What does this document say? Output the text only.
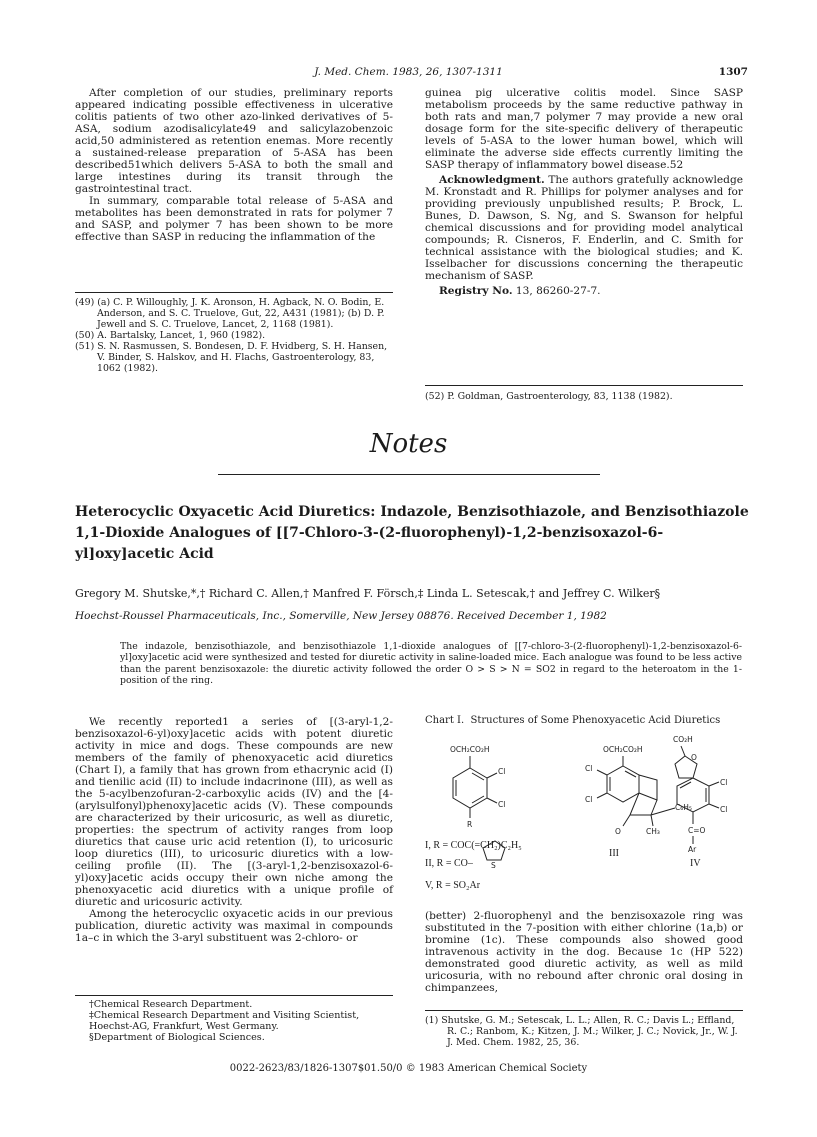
J. Med. Chem. 1983, 26, 1307-1311	1307

After completion of our studies, preliminary reports appeared indicating possible effectiveness in ulcerative colitis patients of two other azo-linked derivatives of 5-ASA, sodium azodisalicylate49 and salicylazobenzoic acid,50 administered as retention enemas. More recently a sustained-release preparation of 5-ASA has been described51which delivers 5-ASA to both the small and large intestines during its transit through the gastrointestinal tract.

In summary, comparable total release of 5-ASA and metabolites has been demonstrated in rats for polymer 7 and SASP, and polymer 7 has been shown to be more effective than SASP in reducing the inflammation of the

(49) (a) C. P. Willoughly, J. K. Aronson, H. Agback, N. O. Bodin, E. Anderson, and S. C. Truelove, Gut, 22, A431 (1981); (b) D. P. Jewell and S. C. Truelove, Lancet, 2, 1168 (1981).

(50) A. Bartalsky, Lancet, 1, 960 (1982).

(51) S. N. Rasmussen, S. Bondesen, D. F. Hvidberg, S. H. Hansen, V. Binder, S. Halskov, and H. Flachs, Gastroenterology, 83, 1062 (1982).

guinea pig ulcerative colitis model. Since SASP metabolism proceeds by the same reductive pathway in both rats and man,7 polymer 7 may provide a new oral dosage form for the site-specific delivery of therapeutic levels of 5-ASA to the lower human bowel, which will eliminate the adverse side effects currently limiting the SASP therapy of inflammatory bowel disease.52

Acknowledgment. The authors gratefully acknowledge M. Kronstadt and R. Phillips for polymer analyses and for providing previously unpublished results; P. Brock, L. Bunes, D. Dawson, S. Ng, and S. Swanson for helpful chemical discussions and for providing model analytical compounds; R. Cisneros, F. Enderlin, and C. Smith for technical assistance with the biological studies; and K. Isselbacher for discussions concerning the therapeutic mechanism of SASP.

Registry No. 13, 86260-27-7.

(52) P. Goldman, Gastroenterology, 83, 1138 (1982).

Notes
Heterocyclic Oxyacetic Acid Diuretics: Indazole, Benzisothiazole, and Benzisothiazole 1,1-Dioxide Analogues of [[7-Chloro-3-(2-fluorophenyl)-1,2-benzisoxazol-6-yl]oxy]acetic Acid
Gregory M. Shutske,*,† Richard C. Allen,† Manfred F. Försch,‡ Linda L. Setescak,† and Jeffrey C. Wilker§
Hoechst-Roussel Pharmaceuticals, Inc., Somerville, New Jersey 08876. Received December 1, 1982
The indazole, benzisothiazole, and benzisothiazole 1,1-dioxide analogues of [[7-chloro-3-(2-fluorophenyl)-1,2-benzisoxazol-6-yl]oxy]acetic acid were synthesized and tested for diuretic activity in saline-loaded mice. Each analogue was found to be less active than the parent benzisoxazole: the diuretic activity followed the order O > S > N = SO2 in regard to the heteroatom in the 1-position of the ring.

We recently reported1 a series of [(3-aryl-1,2-benzisoxazol-6-yl)oxy]acetic acids with potent diuretic activity in mice and dogs. These compounds are new members of the family of phenoxyacetic acid diuretics (Chart I), a family that has grown from ethacrynic acid (I) and tienilic acid (II) to include indacrinone (III), as well as the 5-acylbenzofuran-2-carboxylic acids (IV) and the [4-(arylsulfonyl)phenoxy]acetic acids (V). These compounds are characterized by their uricosuric, as well as diuretic, properties: the spectrum of activity ranges from loop diuretics that cause uric acid retention (I), to uricosuric loop diuretics (III), to uricosuric diuretics with a low-ceiling profile (II). The [(3-aryl-1,2-benzisoxazol-6-yl)oxy]acetic acids occupy their own niche among the phenoxyacetic acid diuretics with a unique profile of diuretic and uricosuric activity.

Among the heterocyclic oxyacetic acids in our previous publication, diuretic activity was maximal in compounds 1a–c in which the 3-aryl substituent was 2-chloro- or

Chart I. Structures of Some Phenoxyacetic Acid Diuretics
OCH₂CO₂H
Cl
Cl
R
OCH₂CO₂H
Cl
Cl
O
C₆H₅
CH₃
CO₂H
O
Cl
Cl
C=O
Ar
S
I, R = COC(=CH₂)C₂H₅
II, R = CO–
V, R = SO₂Ar
III
IV

(better) 2-fluorophenyl and the benzisoxazole ring was substituted in the 7-position with either chlorine (1a,b) or bromine (1c). These compounds also showed good intravenous activity in the dog. Because 1c (HP 522) demonstrated good diuretic activity, as well as mild uricosuria, with no rebound after chronic oral dosing in chimpanzees,

†Chemical Research Department.

‡Chemical Research Department and Visiting Scientist, Hoechst-AG, Frankfurt, West Germany.

§Department of Biological Sciences.

(1) Shutske, G. M.; Setescak, L. L.; Allen, R. C.; Davis L.; Effland, R. C.; Ranbom, K.; Kitzen, J. M.; Wilker, J. C.; Novick, Jr., W. J. J. Med. Chem. 1982, 25, 36.

0022-2623/83/1826-1307$01.50/0 © 1983 American Chemical Society
